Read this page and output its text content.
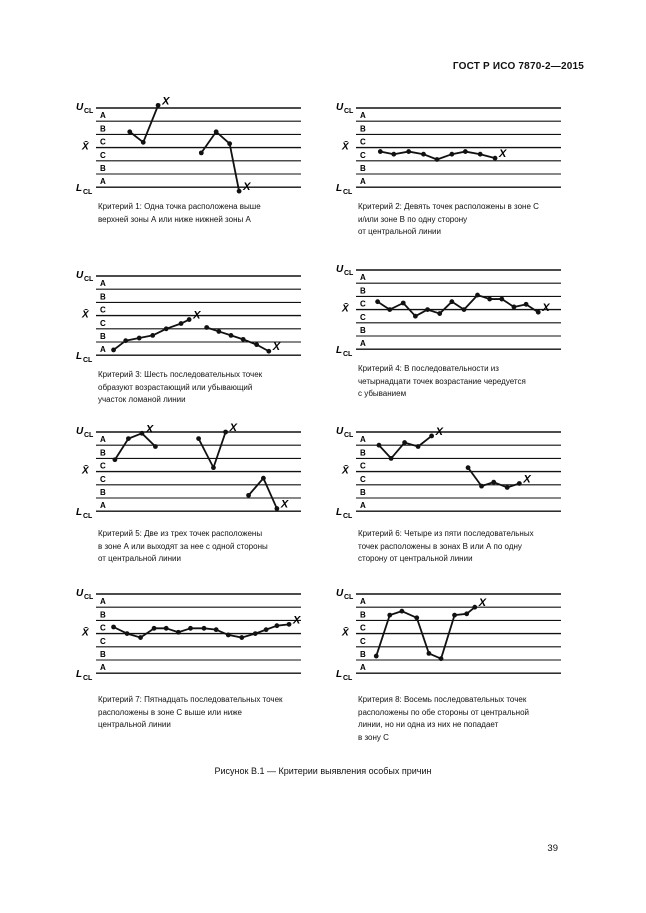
ГОСТ Р ИСО 7870-2—2015
A
B
C
C
B
A
U CL
X̄
L CL
X
X
Критерий 1: Одна точка расположена выше
верхней зоны А или ниже нижней зоны А
A
B
C
C
B
A
U CL
X̄
L CL
X
Критерий 2: Девять точек расположены в зоне С
и/или зоне В по одну сторону
от центральной линии
A
B
C
C
B
A
U CL
X̄
L CL
X
X
Критерий 3: Шесть последовательных точек
образуют возрастающий или убывающий
участок ломаной линии
A
B
C
C
B
A
U CL
X̄
L CL
X
Критерий 4: В последовательности из
четырнадцати точек возрастание чередуется
с убыванием
A
B
C
C
B
A
U CL
X̄
L CL
X	X
X
Критерий 5: Две из трех точек расположены
в зоне А или выходят за нее с одной стороны
от центральной линии
A
B
C
C
B
A
U CL
X̄
L CL
X
X
Критерий 6: Четыре из пяти последовательных
точек расположены в зонах В или А по одну
сторону от центральной линии
A
B
C
C
B
A
U CL
X̄
L CL
X
Критерий 7: Пятнадцать последовательных точек
расположены в зоне С выше или ниже
центральной линии
A
B
C
C
B
A
U CL
X̄
L CL
X
Критерия 8: Восемь последовательных точек
расположены по обе стороны от центральной
линии, но ни одна из них не попадает
в зону С
Рисунок В.1 — Критерии выявления особых причин
39
